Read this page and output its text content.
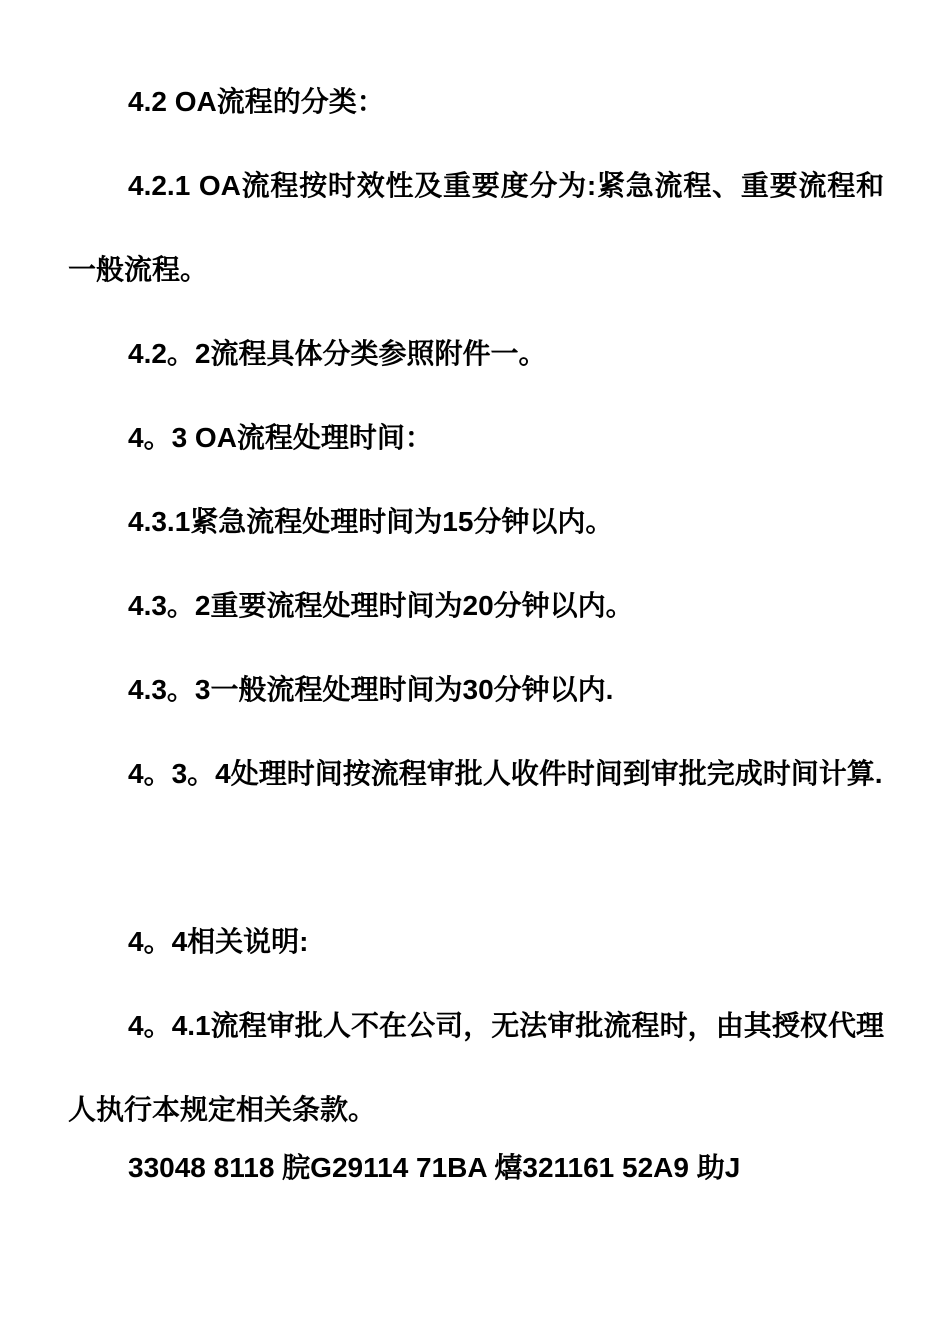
4.2 OA流程的分类：

4.2.1 OA流程按时效性及重要度分为:紧急流程、重要流程和一般流程。

4.2。2流程具体分类参照附件一。

4。3 OA流程处理时间：

4.3.1紧急流程处理时间为15分钟以内。

4.3。2重要流程处理时间为20分钟以内。

4.3。3一般流程处理时间为30分钟以内.

4。3。4处理时间按流程审批人收件时间到审批完成时间计算.

4。4相关说明:

4。4.1流程审批人不在公司，无法审批流程时，由其授权代理人执行本规定相关条款。

33048 8118 脘G29114 71BA 熺321161 52A9 助J
